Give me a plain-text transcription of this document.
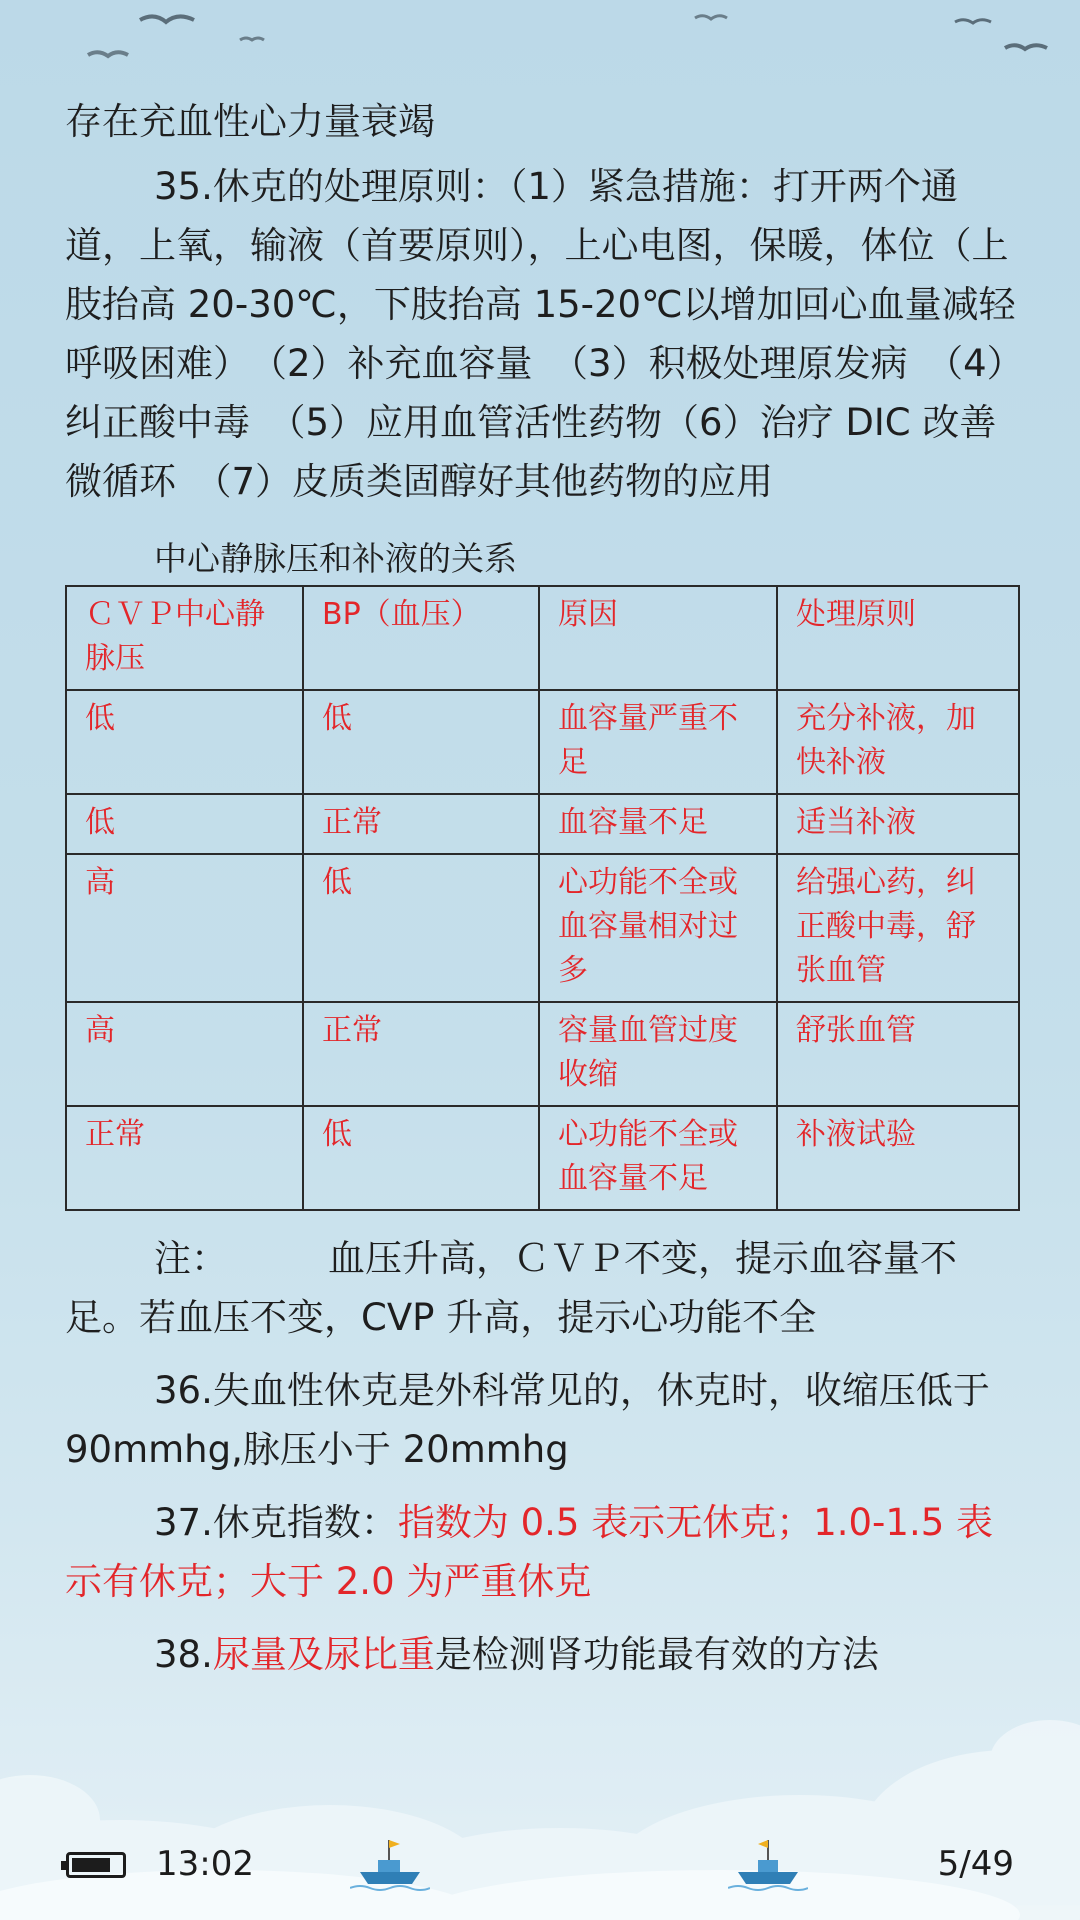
存在充血性心力量衰竭

35.休克的处理原则：（1）紧急措施：打开两个通道，上氧，输液（首要原则），上心电图，保暖，体位（上肢抬高 20-30℃，下肢抬高 15-20℃以增加回心血量减轻呼吸困难）　（2）补充血容量　（3）积极处理原发病　（4）纠正酸中毒　（5）应用血管活性药物（6）治疗 DIC 改善微循环　（7）皮质类固醇好其他药物的应用

中心静脉压和补液的关系
ＣＶＰ中心静脉压	BP（血压）	原因	处理原则
低	低	血容量严重不足	充分补液，加快补液
低	正常	血容量不足	适当补液
高	低	心功能不全或血容量相对过多	给强心药，纠正酸中毒，舒张血管
高	正常	容量血管过度收缩	舒张血管
正常	低	心功能不全或血容量不足	补液试验

注：	血压升高，ＣＶＰ不变，提示血容量不足。若血压不变，CVP 升高，提示心功能不全

36.失血性休克是外科常见的，休克时，收缩压低于 90mmhg,脉压小于 20mmhg

37.休克指数：指数为 0.5 表示无休克；1.0-1.5 表示有休克；大于 2.0 为严重休克

38.尿量及尿比重是检测肾功能最有效的方法

13:02	5/49
